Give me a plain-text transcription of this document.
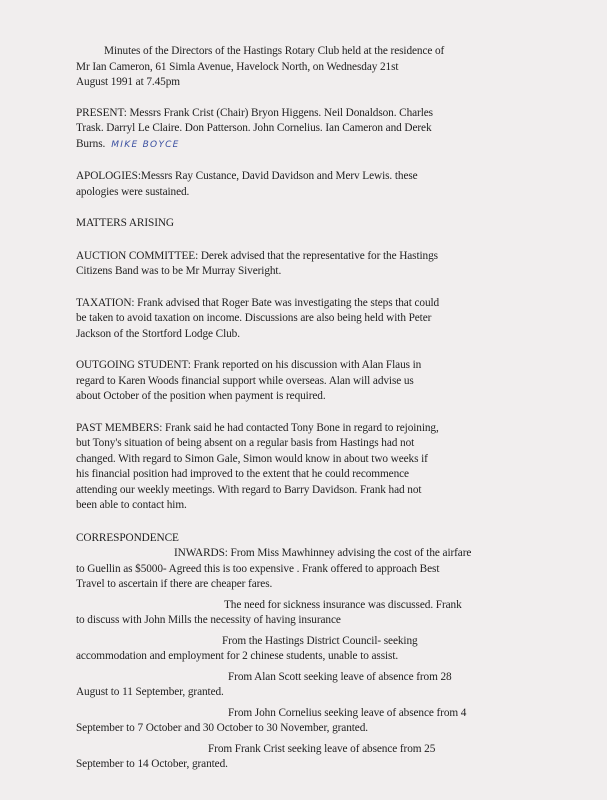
Minutes of the Directors of the Hastings Rotary Club held at the residence of
Mr Ian Cameron, 61 Simla Avenue, Havelock North, on Wednesday 21st
August 1991 at 7.45pm
PRESENT: Messrs Frank Crist (Chair) Bryon Higgens. Neil Donaldson. Charles
Trask. Darryl Le Claire. Don Patterson. John Cornelius. Ian Cameron and Derek
Burns. MIKE BOYCE
APOLOGIES:Messrs Ray Custance, David Davidson and Merv Lewis. these
apologies were sustained.
MATTERS ARISING
AUCTION COMMITTEE: Derek advised that the representative for the Hastings
Citizens Band was to be Mr Murray Siveright.
TAXATION: Frank advised that Roger Bate was investigating the steps that could
be taken to avoid taxation on income. Discussions are also being held with Peter
Jackson of the Stortford Lodge Club.
OUTGOING STUDENT: Frank reported on his discussion with Alan Flaus in
regard to Karen Woods financial support while overseas. Alan will advise us
about October of the position when payment is required.
PAST MEMBERS: Frank said he had contacted Tony Bone in regard to rejoining,
but Tony's situation of being absent on a regular basis from Hastings had not
changed. With regard to Simon Gale, Simon would know in about two weeks if
his financial position had improved to the extent that he could recommence
attending our weekly meetings. With regard to Barry Davidson. Frank had not
been able to contact him.
CORRESPONDENCE
INWARDS: From Miss Mawhinney advising the cost of the airfare
to Guellin as $5000- Agreed this is too expensive . Frank offered to approach Best
Travel to ascertain if there are cheaper fares.
The need for sickness insurance was discussed. Frank
to discuss with John Mills the necessity of having insurance
From the Hastings District Council- seeking
accommodation and employment for 2 chinese students, unable to assist.
From Alan Scott seeking leave of absence from 28
August to 11 September, granted.
From John Cornelius seeking leave of absence from 4
September to 7 October and 30 October to 30 November, granted.
From Frank Crist seeking leave of absence from 25
September to 14 October, granted.
